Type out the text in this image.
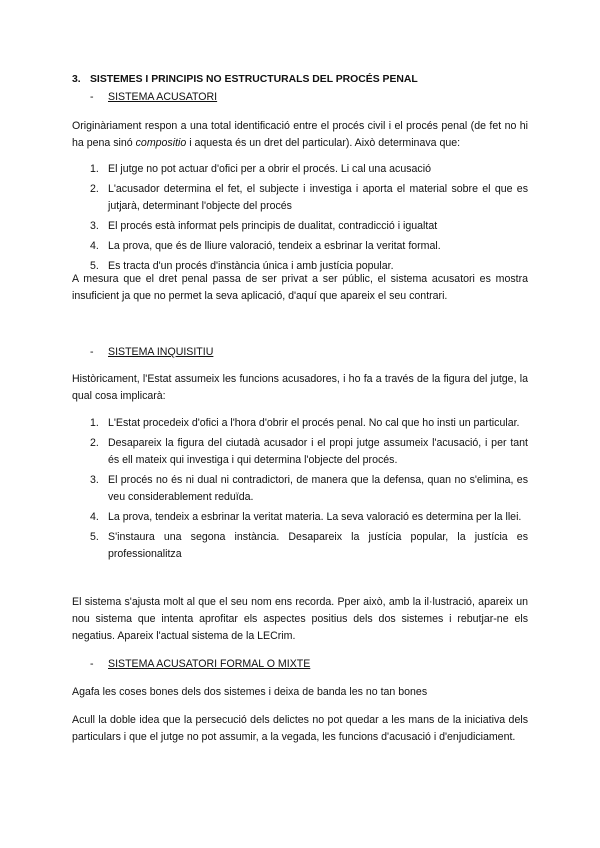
3. SISTEMES I PRINCIPIS NO ESTRUCTURALS DEL PROCÉS PENAL
- SISTEMA ACUSATORI

Originàriament respon a una total identificació entre el procés civil i el procés penal (de fet no hi ha pena sinó compositio i aquesta és un dret del particular). Això determinava que:

1. El jutge no pot actuar d'ofici per a obrir el procés. Li cal una acusació
2. L'acusador determina el fet, el subjecte i investiga i aporta el material sobre el que es jutjarà, determinant l'objecte del procés
3. El procés està informat pels principis de dualitat, contradicció i igualtat
4. La prova, que és de lliure valoració, tendeix a esbrinar la veritat formal.
5. Es tracta d'un procés d'instància única i amb justícia popular.

A mesura que el dret penal passa de ser privat a ser públic, el sistema acusatori es mostra insuficient ja que no permet la seva aplicació, d'aquí que apareix el seu contrari.

- SISTEMA INQUISITIU

Històricament, l'Estat assumeix les funcions acusadores, i ho fa a través de la figura del jutge, la qual cosa implicarà:

1. L'Estat procedeix d'ofici a l'hora d'obrir el procés penal. No cal que ho insti un particular.
2. Desapareix la figura del ciutadà acusador i el propi jutge assumeix l'acusació, i per tant és ell mateix qui investiga i qui determina l'objecte del procés.
3. El procés no és ni dual ni contradictori, de manera que la defensa, quan no s'elimina, es veu considerablement reduïda.
4. La prova, tendeix a esbrinar la veritat materia. La seva valoració es determina per la llei.
5. S'instaura una segona instància. Desapareix la justícia popular, la justícia es professionalitza

El sistema s'ajusta molt al que el seu nom ens recorda. Pper això, amb la il·lustració, apareix un nou sistema que intenta aprofitar els aspectes positius dels dos sistemes i rebutjar-ne els negatius. Apareix l'actual sistema de la LECrim.

- SISTEMA ACUSATORI FORMAL O MIXTE

Agafa les coses bones dels dos sistemes i deixa de banda les no tan bones

Acull la doble idea que la persecució dels delictes no pot quedar a les mans de la iniciativa dels particulars i que el jutge no pot assumir, a la vegada, les funcions d'acusació i d'enjudiciament.
